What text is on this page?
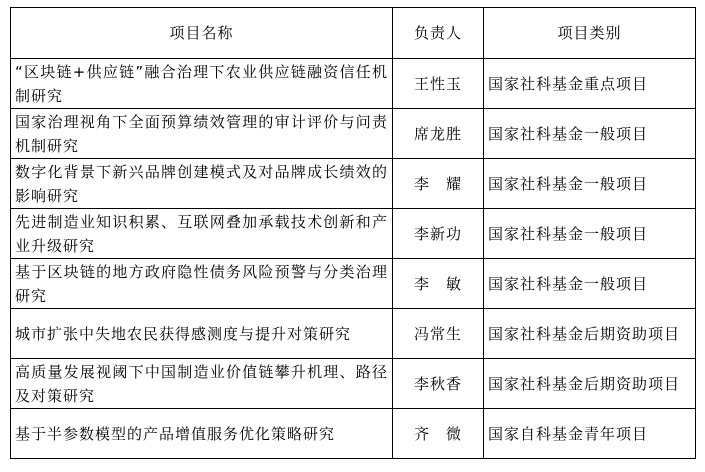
项目名称	负责人	项目类别
“区块链+供应链”融合治理下农业供应链融资信任机制研究	王性玉	国家社科基金重点项目
国家治理视角下全面预算绩效管理的审计评价与问责机制研究	席龙胜	国家社科基金一般项目
数字化背景下新兴品牌创建模式及对品牌成长绩效的影响研究	李　耀	国家社科基金一般项目
先进制造业知识积累、互联网叠加承载技术创新和产业升级研究	李新功	国家社科基金一般项目
基于区块链的地方政府隐性债务风险预警与分类治理研究	李　敏	国家社科基金一般项目
城市扩张中失地农民获得感测度与提升对策研究	冯常生	国家社科基金后期资助项目
高质量发展视阈下中国制造业价值链攀升机理、路径及对策研究	李秋香	国家社科基金后期资助项目
基于半参数模型的产品增值服务优化策略研究	齐　微	国家自科基金青年项目
